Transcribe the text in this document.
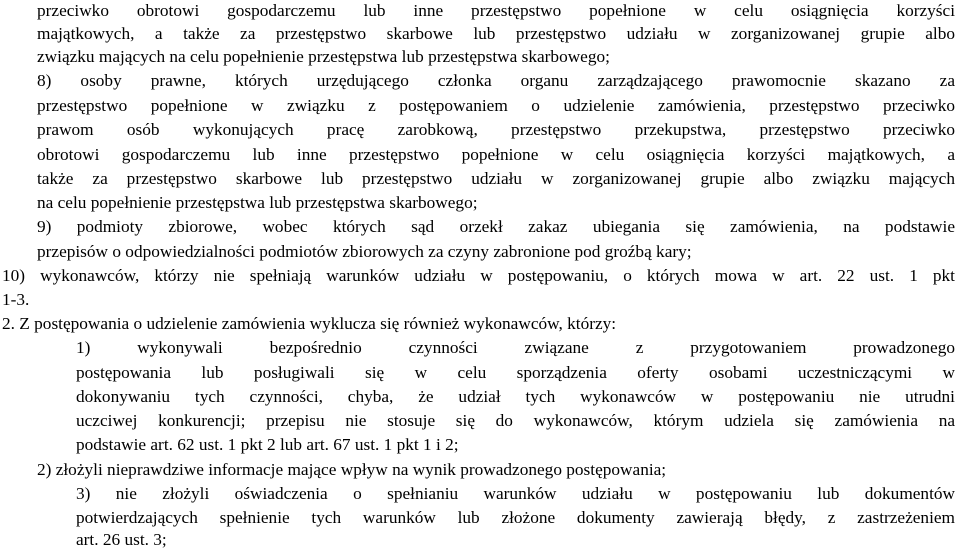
przeciwko obrotowi gospodarczemu lub inne przestępstwo popełnione w celu osiągnięcia korzyści
majątkowych, a także za przestępstwo skarbowe lub przestępstwo udziału w zorganizowanej grupie albo
związku mających na celu popełnienie przestępstwa lub przestępstwa skarbowego;
8) osoby prawne, których urzędującego członka organu zarządzającego prawomocnie skazano za
przestępstwo popełnione w związku z postępowaniem o udzielenie zamówienia, przestępstwo przeciwko
prawom osób wykonujących pracę zarobkową, przestępstwo przekupstwa, przestępstwo przeciwko
obrotowi gospodarczemu lub inne przestępstwo popełnione w celu osiągnięcia korzyści majątkowych, a
także za przestępstwo skarbowe lub przestępstwo udziału w zorganizowanej grupie albo związku mających
na celu popełnienie przestępstwa lub przestępstwa skarbowego;
9) podmioty zbiorowe, wobec których sąd orzekł zakaz ubiegania się zamówienia, na podstawie
przepisów o odpowiedzialności podmiotów zbiorowych za czyny zabronione pod groźbą kary;
10) wykonawców, którzy nie spełniają warunków udziału w postępowaniu, o których mowa w art. 22 ust. 1 pkt
1-3.
2. Z postępowania o udzielenie zamówienia wyklucza się również wykonawców, którzy:
1) wykonywali bezpośrednio czynności związane z przygotowaniem prowadzonego
postępowania lub posługiwali się w celu sporządzenia oferty osobami uczestniczącymi w
dokonywaniu tych czynności, chyba, że udział tych wykonawców w postępowaniu nie utrudni
uczciwej konkurencji; przepisu nie stosuje się do wykonawców, którym udziela się zamówienia na
podstawie art. 62 ust. 1 pkt 2 lub art. 67 ust. 1 pkt 1 i 2;
2) złożyli nieprawdziwe informacje mające wpływ na wynik prowadzonego postępowania;
3) nie złożyli oświadczenia o spełnianiu warunków udziału w postępowaniu lub dokumentów
potwierdzających spełnienie tych warunków lub złożone dokumenty zawierają błędy, z zastrzeżeniem
art. 26 ust. 3;
